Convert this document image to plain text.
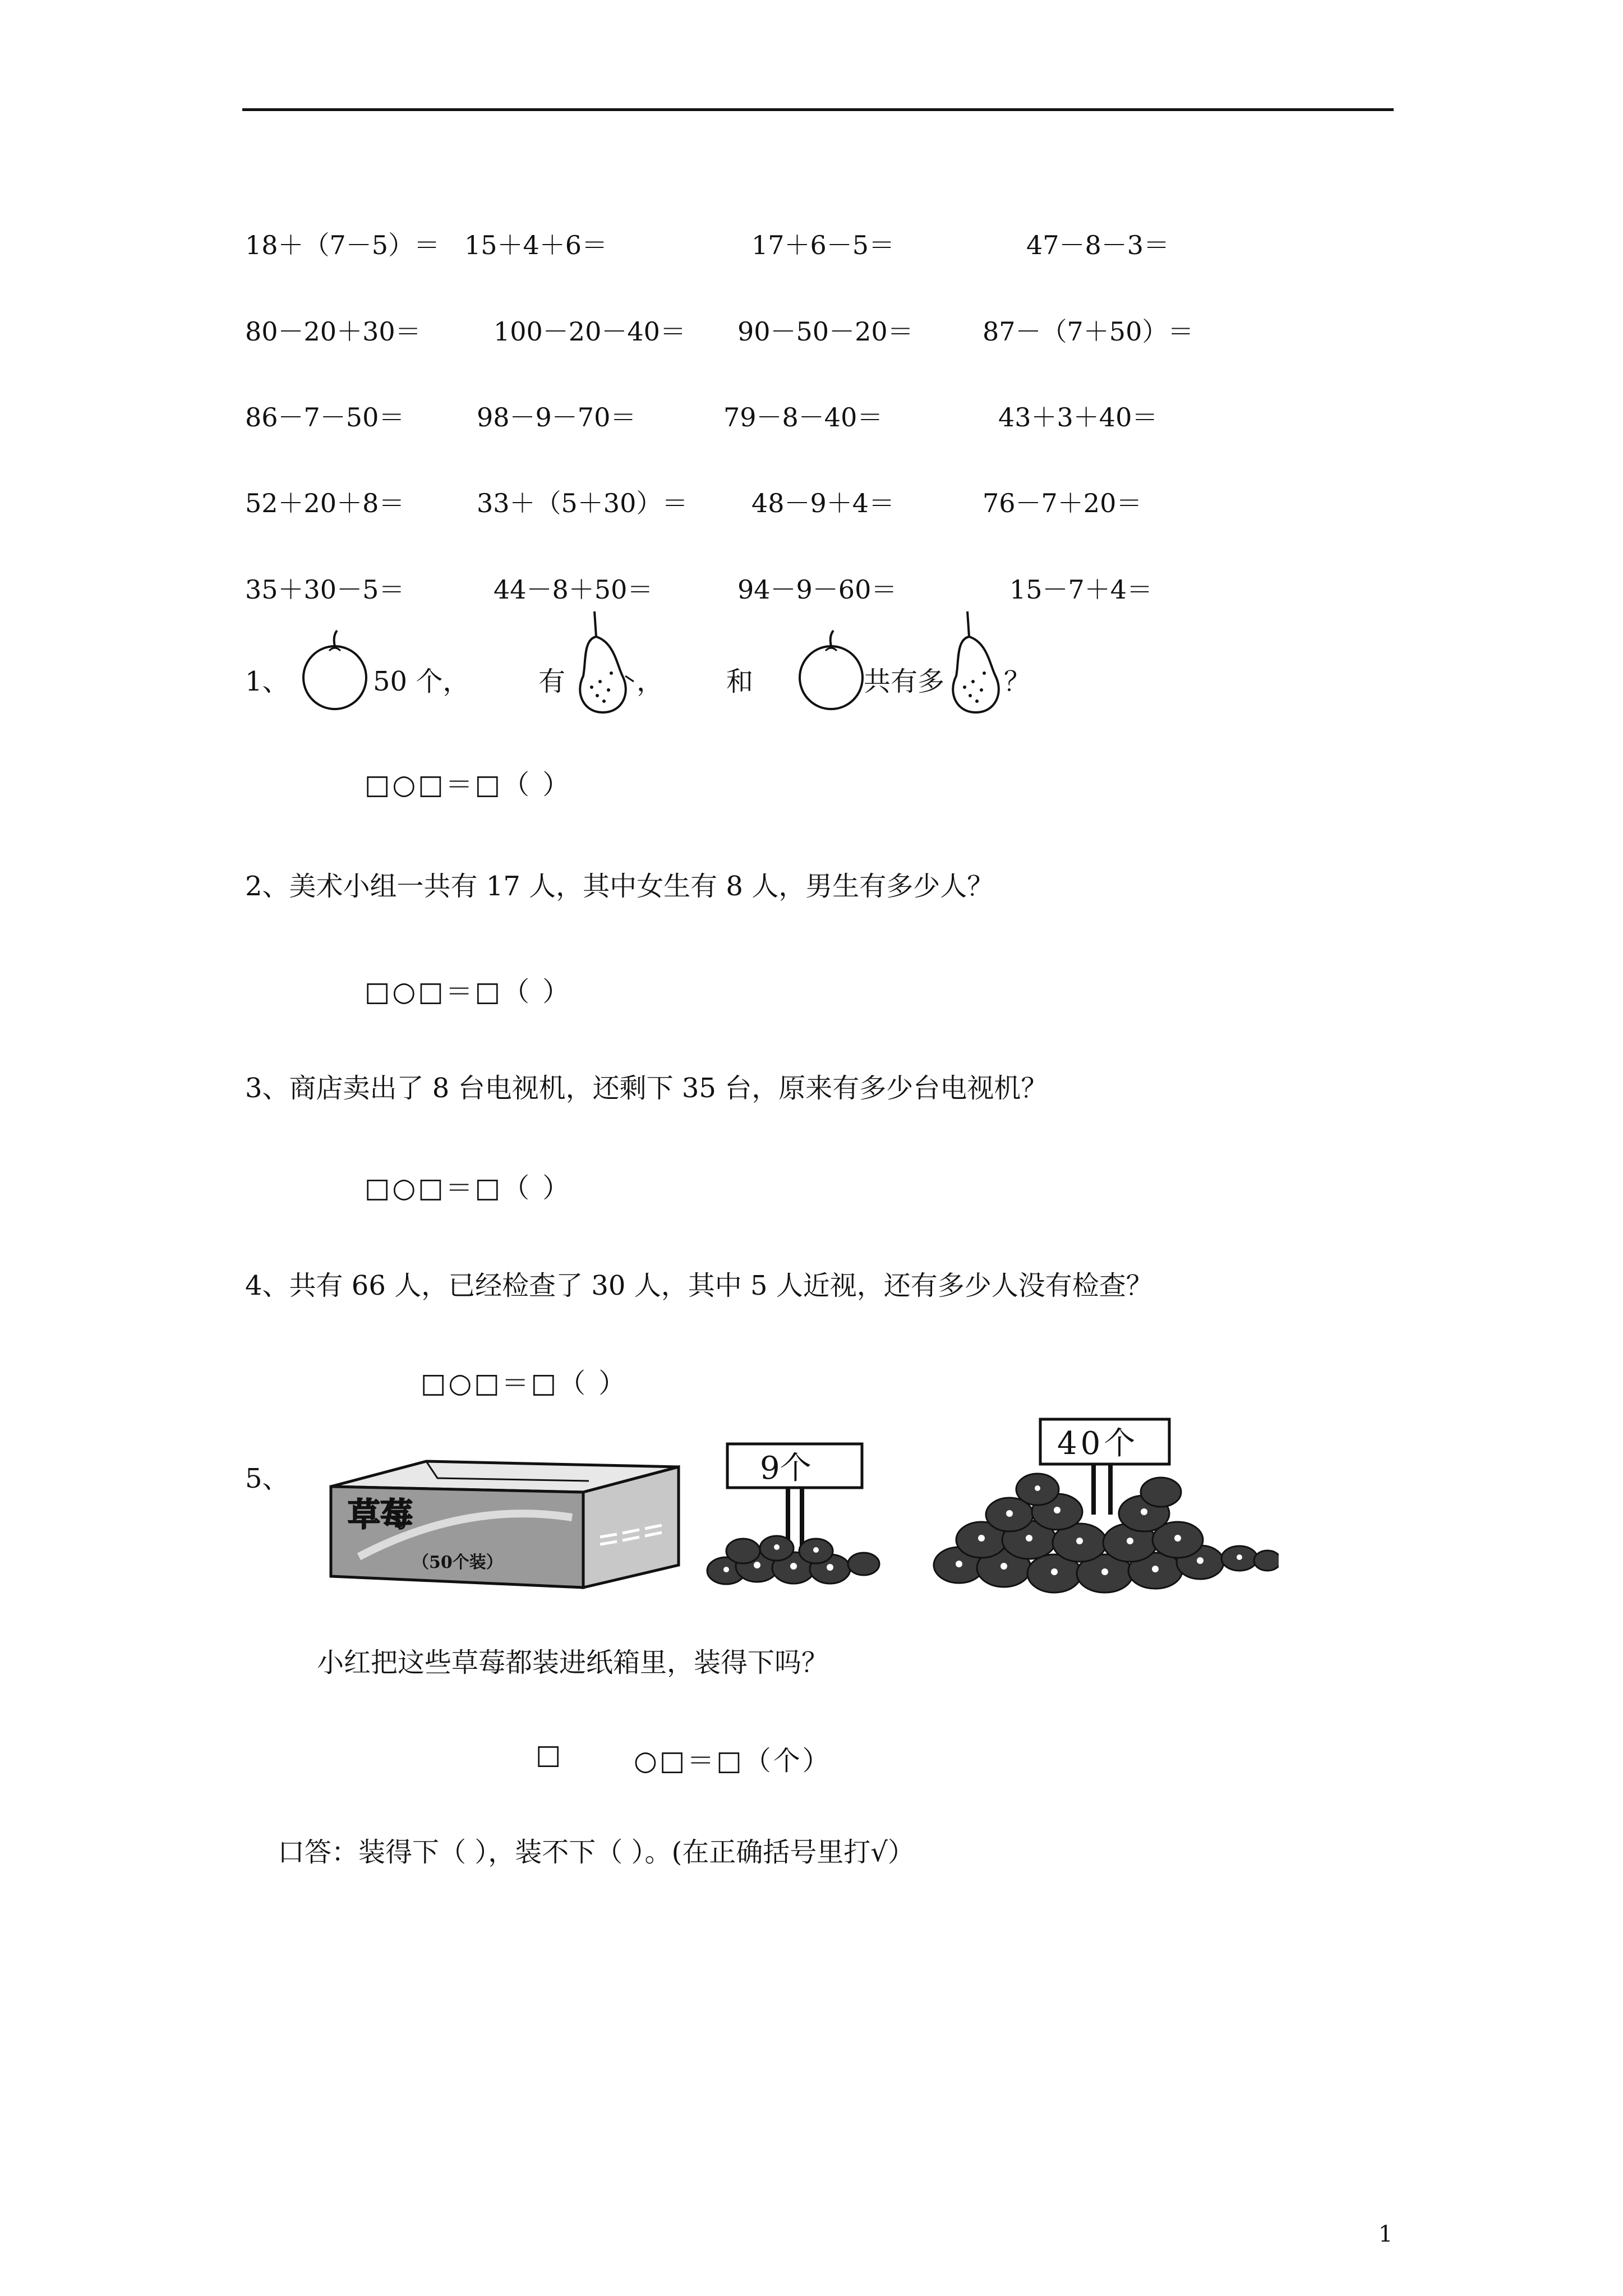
18＋（7－5）＝ 15＋4＋6＝	17＋6－5＝	47－8－3＝
80－20＋30＝	100－20－40＝ 90－50－20＝	87－（7＋50）＝
86－7－50＝	98－9－70＝	79－8－40＝	43＋3＋40＝
52＋20＋8＝	33＋（5＋30）＝ 48－9＋4＝	76－7＋20＝
35＋30－5＝	44－8＋50＝	94－9－60＝	15－7＋4＝
1、	50 个，	有	， 和	共有多 ？
□○□＝□（ ）
2、美术小组一共有 17 人，其中女生有 8 人，男生有多少人？
□○□＝□（ ）
3、商店卖出了 8 台电视机，还剩下 35 台，原来有多少台电视机？
□○□＝□（ ）
4、共有 66 人，已经检查了 30 人，其中 5 人近视，还有多少人没有检查？
□○□＝□（ ）
5、
草莓
（50个装）
9个
40个
小红把这些草莓都装进纸箱里，装得下吗？
□	○□＝□（个）
口答：装得下（ ），装不下（ ）。(在正确括号里打√）
1
